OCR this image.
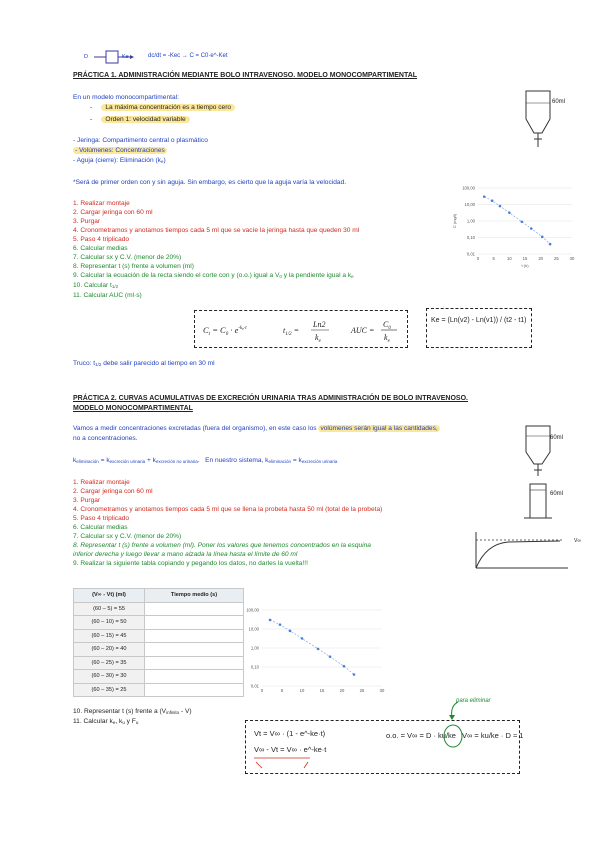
D	Ke	dc/dt = -Kec → C = C0·e^-Ket
PRÁCTICA 1. ADMINISTRACIÓN MEDIANTE BOLO INTRAVENOSO. MODELO MONOCOMPARTIMENTAL
En un modelo monocompartimental:
-     La máxima concentración es a tiempo cero
-     Orden 1: velocidad variable
- Jeringa: Compartimento central o plasmático
- Volúmenes: Concentraciones
- Aguja (cierre): Eliminación $(k_e)$
*Será de primer orden con y sin aguja. Sin embargo, es cierto que la aguja varía la velocidad.
1. Realizar montaje
2. Cargar jeringa con 60 ml
3. Purgar
4. Cronometramos y anotamos tiempos cada 5 ml que se vacíe la jeringa hasta que queden 30 ml
5. Paso 4 triplicado
6. Calcular medias
7. Calcular sx y C.V. (menor de 20%)
8. Representar t (s) frente a volumen (ml)
9. Calcular la ecuación de la recta siendo el corte con y (o.o.) igual a $V_0$ y la pendiente igual a $k_e$
10. Calcular $t_{1/2}$
11. Calcular AUC (ml·s)
$C_t = C_0 \cdot e^{-k}e\cdot t$	$t_{1/2}$ =
Ln2
$k_e$
AUC =
$C_0$
$k_e$
Ke = (Ln(v2) - Ln(v1)) / (t2 - t1)
Truco: $t_{1/2}$ debe salir parecido al tiempo en 30 ml
60ml
100,00
10,00
1,00
0,10
0,01
0	5	10	15	20	25	30
C (mg/l)
t (h)
PRÁCTICA 2. CURVAS ACUMULATIVAS DE EXCRECIÓN URINARIA TRAS ADMINISTRACIÓN DE BOLO INTRAVENOSO.
MODELO MONOCOMPARTIMENTAL
Vamos a medir concentraciones excretadas (fuera del organismo), en este caso los volúmenes serán igual a las cantidades,
no a concentraciones.
$k_{eliminación} = k_{excreción urinaria} + k_{excreción no urinaria}$.   En nuestro sistema, $k_{eliminación} = k_{excreción urinaria}$
1. Realizar montaje
2. Cargar jeringa con 60 ml
3. Purgar
4. Cronometramos y anotamos tiempos cada 5 ml que se llena la probeta hasta 50 ml (total de la probeta)
5. Paso 4 triplicado
6. Calcular medias
7. Calcular sx y C.V. (menor de 20%)
8. Representar t (s) frente a volumen (ml). Poner los valores que tenemos concentrados en la esquina
inferior derecha y luego llevar a mano alzada la línea hasta el límite de 60 ml
9. Realizar la siguiente tabla copiando y pegando los datos, no darles la vuelta!!!
60ml
60ml
V∞
(V∞ - Vt) (ml)	Tiempo medio (s)
(60 – 5) = 55	
(60 – 10) = 50	
(60 – 15) = 45	
(60 – 20) = 40	
(60 – 25) = 35	
(60 – 30) = 30	
(60 – 35) = 25	
100,00
10,00
1,00
0,10
0,01
0	5	10	15	20	25	30
10. Representar t (s) frente a $(V_{infinito} - V)$
11. Calcular $k_e$, $k_u$ y $F_u$
para eliminar
Vt = V∞ · (1 - e^-ke·t)
V∞ - Vt = V∞ · e^-ke·t
o.o. = V∞ = D · ku/ke V∞ = ku/ke · D ≈ 1
